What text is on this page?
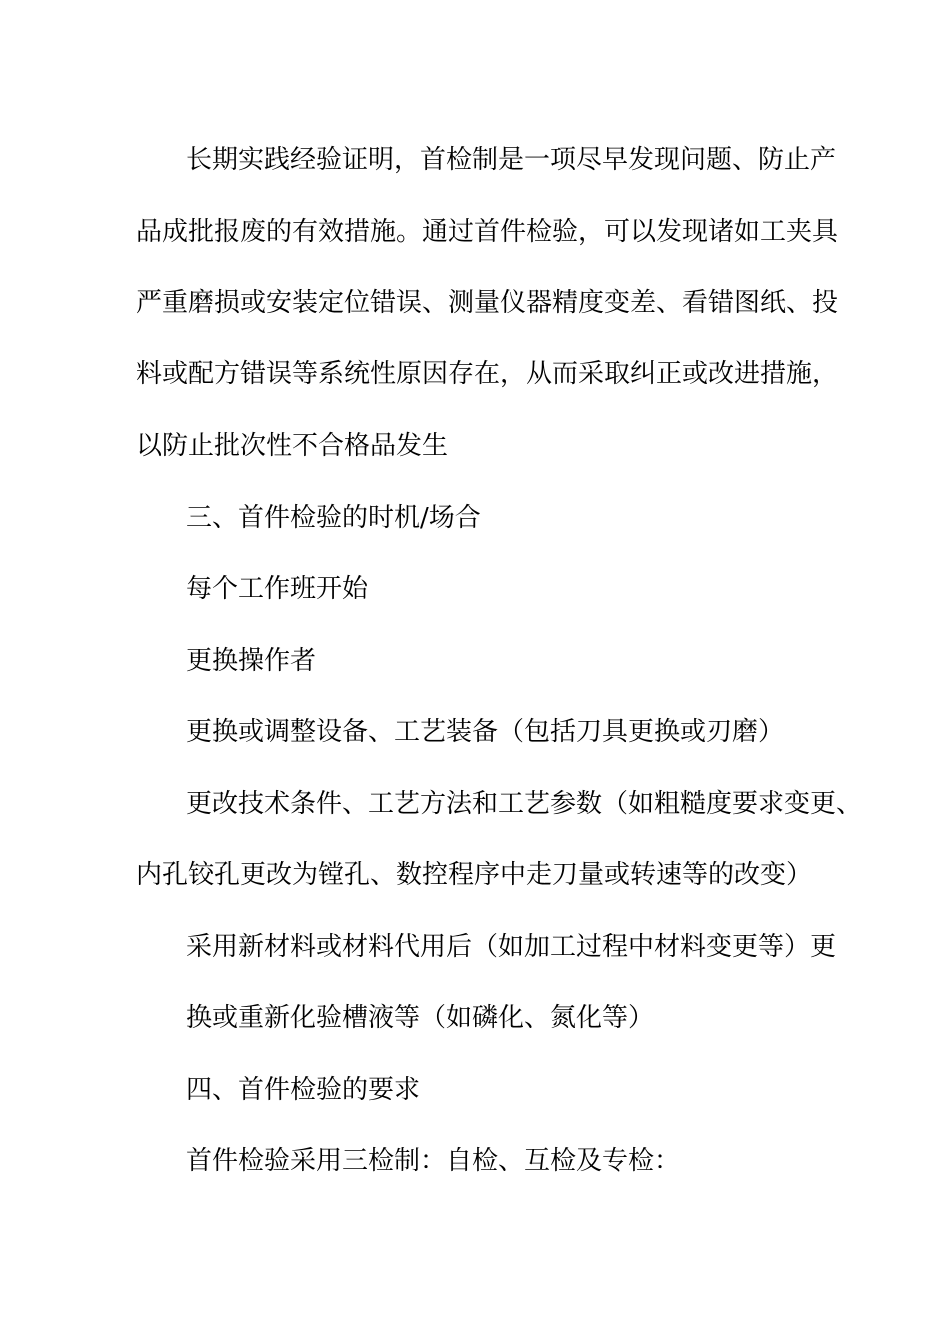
长期实践经验证明，首检制是一项尽早发现问题、防止产
品成批报废的有效措施。通过首件检验，可以发现诸如工夹具
严重磨损或安装定位错误、测量仪器精度变差、看错图纸、投
料或配方错误等系统性原因存在，从而采取纠正或改进措施，
以防止批次性不合格品发生
三、首件检验的时机/场合
每个工作班开始
更换操作者
更换或调整设备、工艺装备（包括刀具更换或刃磨）
更改技术条件、工艺方法和工艺参数（如粗糙度要求变更、
内孔铰孔更改为镗孔、数控程序中走刀量或转速等的改变）
采用新材料或材料代用后（如加工过程中材料变更等）更
换或重新化验槽液等（如磷化、氮化等）
四、首件检验的要求
首件检验采用三检制：自检、互检及专检：
